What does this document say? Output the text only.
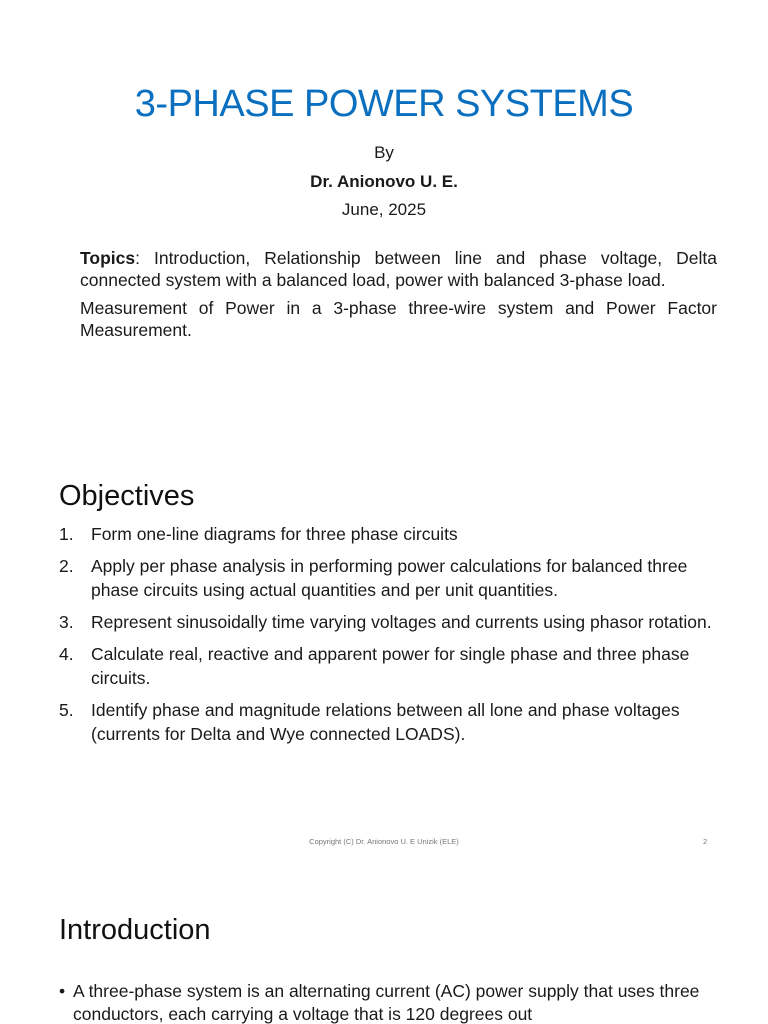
3-PHASE POWER SYSTEMS
By
Dr. Anionovo U. E.
June, 2025

Topics: Introduction, Relationship between line and phase voltage, Delta connected system with a balanced load, power with balanced 3-phase load.

Measurement of Power in a 3-phase three-wire system and Power Factor Measurement.

Objectives
1. Form one-line diagrams for three phase circuits
2. Apply per phase analysis in performing power calculations for balanced three phase circuits using actual quantities and per unit quantities.
3. Represent sinusoidally time varying voltages and currents using phasor rotation.
4. Calculate real, reactive and apparent power for single phase and three phase circuits.
5. Identify phase and magnitude relations between all lone and phase voltages (currents for Delta and Wye connected LOADS).
Copyright (C) Dr. Anionovo U. E Unizik (ELE)	2
Introduction
• A three-phase system is an alternating current (AC) power supply that uses three conductors, each carrying a voltage that is 120 degrees out
